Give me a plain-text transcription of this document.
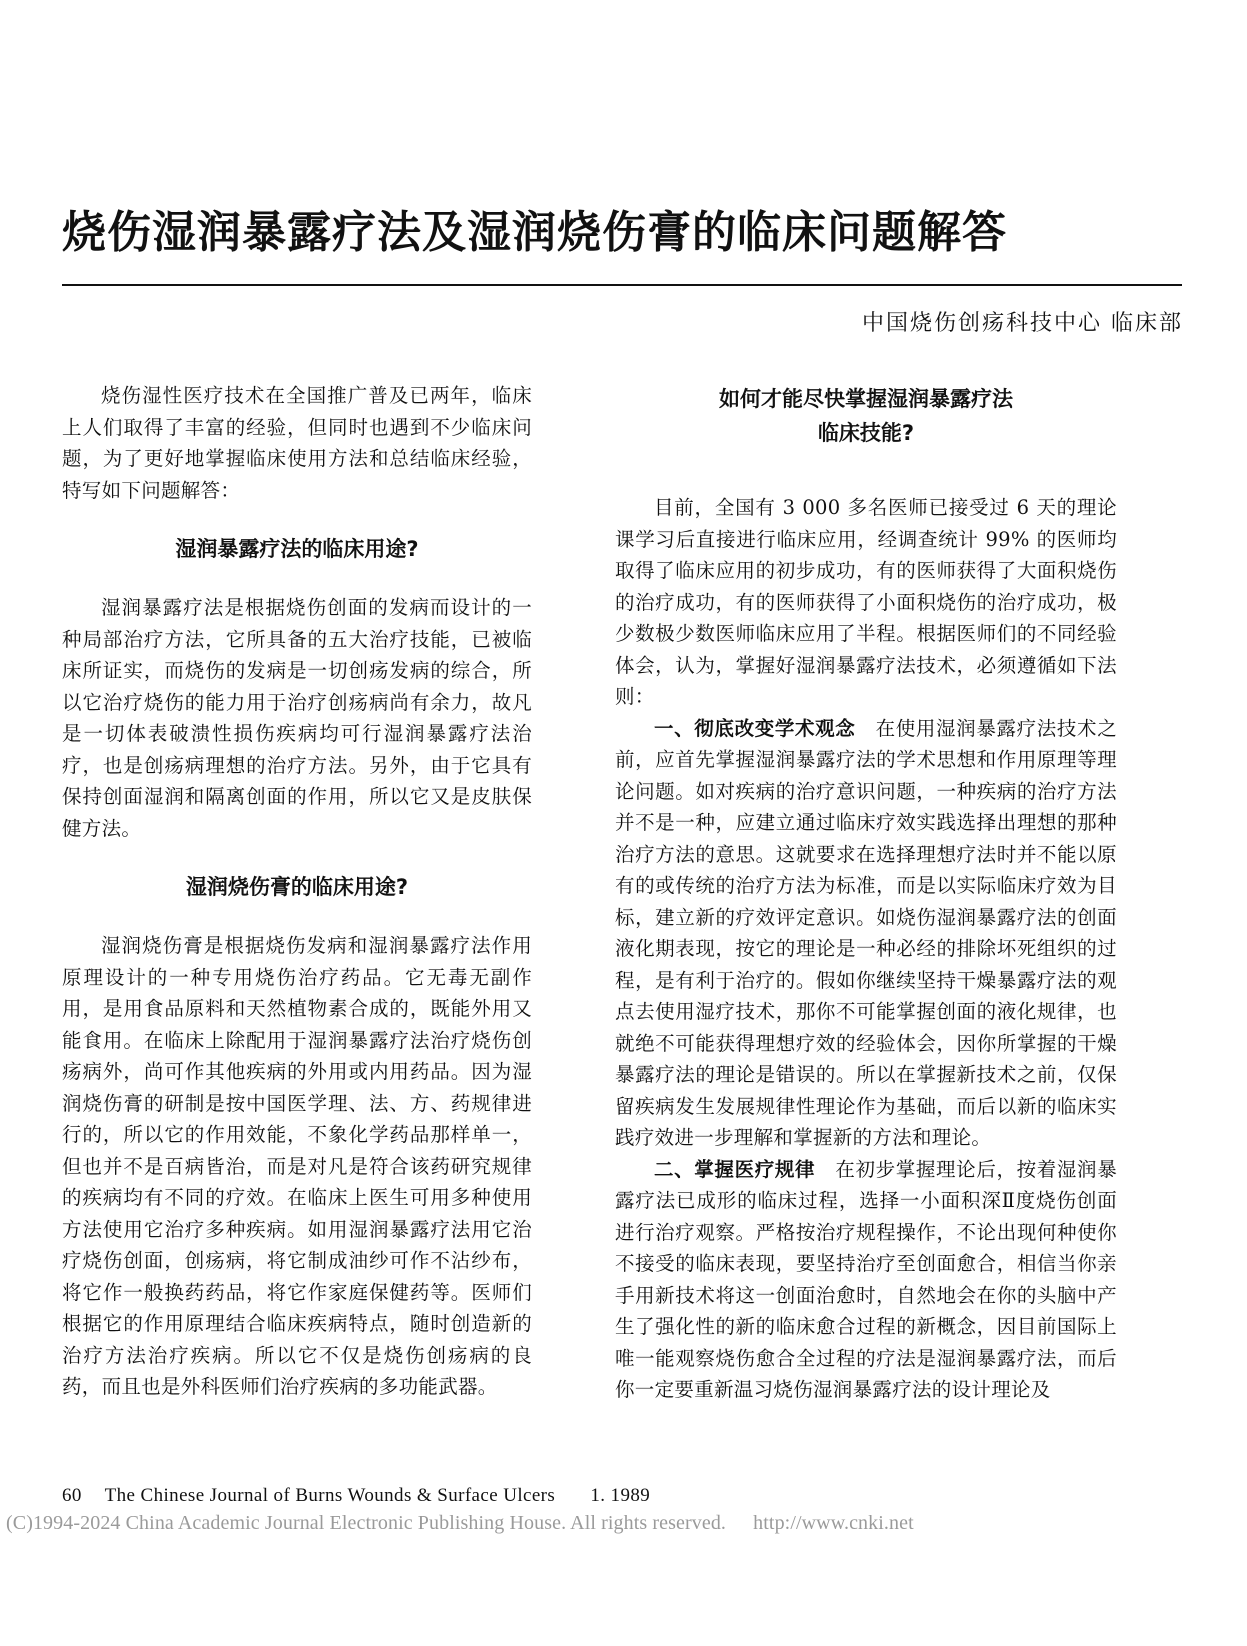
烧伤湿润暴露疗法及湿润烧伤膏的临床问题解答
中国烧伤创疡科技中心 临床部

烧伤湿性医疗技术在全国推广普及已两年，临床上人们取得了丰富的经验，但同时也遇到不少临床问题，为了更好地掌握临床使用方法和总结临床经验，特写如下问题解答：

湿润暴露疗法的临床用途?

湿润暴露疗法是根据烧伤创面的发病而设计的一种局部治疗方法，它所具备的五大治疗技能，已被临床所证实，而烧伤的发病是一切创疡发病的综合，所以它治疗烧伤的能力用于治疗创疡病尚有余力，故凡是一切体表破溃性损伤疾病均可行湿润暴露疗法治疗，也是创疡病理想的治疗方法。另外，由于它具有保持创面湿润和隔离创面的作用，所以它又是皮肤保健方法。

湿润烧伤膏的临床用途?

湿润烧伤膏是根据烧伤发病和湿润暴露疗法作用原理设计的一种专用烧伤治疗药品。它无毒无副作用，是用食品原料和天然植物素合成的，既能外用又能食用。在临床上除配用于湿润暴露疗法治疗烧伤创疡病外，尚可作其他疾病的外用或内用药品。因为湿润烧伤膏的研制是按中国医学理、法、方、药规律进行的，所以它的作用效能，不象化学药品那样单一，但也并不是百病皆治，而是对凡是符合该药研究规律的疾病均有不同的疗效。在临床上医生可用多种使用方法使用它治疗多种疾病。如用湿润暴露疗法用它治疗烧伤创面，创疡病，将它制成油纱可作不沾纱布，将它作一般换药药品，将它作家庭保健药等。医师们根据它的作用原理结合临床疾病特点，随时创造新的治疗方法治疗疾病。所以它不仅是烧伤创疡病的良药，而且也是外科医师们治疗疾病的多功能武器。

如何才能尽快掌握湿润暴露疗法

临床技能?

目前，全国有 3 000 多名医师已接受过 6 天的理论课学习后直接进行临床应用，经调查统计 99% 的医师均取得了临床应用的初步成功，有的医师获得了大面积烧伤的治疗成功，有的医师获得了小面积烧伤的治疗成功，极少数极少数医师临床应用了半程。根据医师们的不同经验体会，认为，掌握好湿润暴露疗法技术，必须遵循如下法则：

一、彻底改变学术观念　 在使用湿润暴露疗法技术之前，应首先掌握湿润暴露疗法的学术思想和作用原理等理论问题。如对疾病的治疗意识问题，一种疾病的治疗方法并不是一种，应建立通过临床疗效实践选择出理想的那种治疗方法的意思。这就要求在选择理想疗法时并不能以原有的或传统的治疗方法为标准，而是以实际临床疗效为目标，建立新的疗效评定意识。如烧伤湿润暴露疗法的创面液化期表现，按它的理论是一种必经的排除坏死组织的过程，是有利于治疗的。假如你继续坚持干燥暴露疗法的观点去使用湿疗技术，那你不可能掌握创面的液化规律，也就绝不可能获得理想疗效的经验体会，因你所掌握的干燥暴露疗法的理论是错误的。所以在掌握新技术之前，仅保留疾病发生发展规律性理论作为基础，而后以新的临床实践疗效进一步理解和掌握新的方法和理论。

二、掌握医疗规律　 在初步掌握理论后，按着湿润暴露疗法已成形的临床过程，选择一小面积深Ⅱ度烧伤创面进行治疗观察。严格按治疗规程操作，不论出现何种使你不接受的临床表现，要坚持治疗至创面愈合，相信当你亲手用新技术将这一创面治愈时，自然地会在你的头脑中产生了强化性的新的临床愈合过程的新概念，因目前国际上唯一能观察烧伤愈合全过程的疗法是湿润暴露疗法，而后你一定要重新温习烧伤湿润暴露疗法的设计理论及

60 The Chinese Journal of Burns Wounds & Surface Ulcers 1. 1989
(C)1994-2024 China Academic Journal Electronic Publishing House. All rights reserved. http://www.cnki.net
